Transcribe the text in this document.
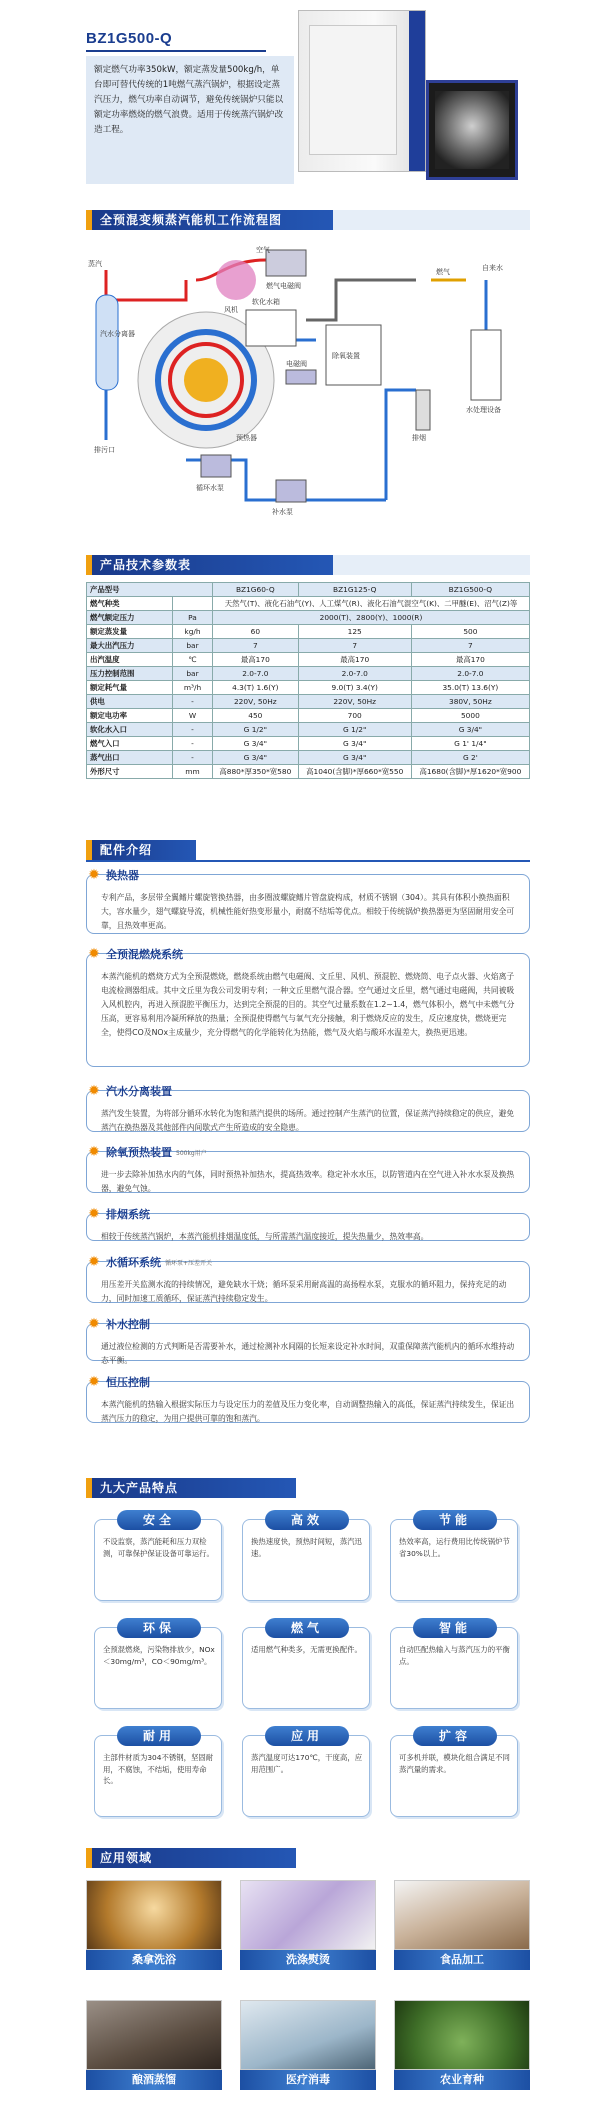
BZ1G500-Q
额定燃气功率350kW，额定蒸发量500kg/h，单台即可替代传统的1吨燃气蒸汽锅炉，根据设定蒸汽压力，燃气功率自动调节，避免传统锅炉只能以额定功率燃烧的燃气浪费。适用于传统蒸汽锅炉改造工程。
全预混变频蒸汽能机工作流程图
蒸汽
汽水分离器
排污口
空气
风机
燃气电磁阀
燃气	自来水
软化水箱
除氧装置
水处理设备
循环水泵
电磁阀
预热器
补水泵
排烟
产品技术参数表
产品型号		BZ1G60-Q	BZ1G125-Q	BZ1G500-Q
燃气种类		天然气(T)、液化石油气(Y)、人工煤气(R)、液化石油气混空气(K)、二甲醚(E)、沼气(Z)等		
燃气额定压力	Pa	2000(T)、2800(Y)、1000(R)		
额定蒸发量	kg/h	60	125	500
最大出汽压力	bar	7	7	7
出汽温度	℃	最高170	最高170	最高170
压力控制范围	bar	2.0-7.0	2.0-7.0	2.0-7.0
额定耗气量	m³/h	4.3(T) 1.6(Y)	9.0(T) 3.4(Y)	35.0(T) 13.6(Y)
供电	-	220V, 50Hz	220V, 50Hz	380V, 50Hz
额定电功率	W	450	700	5000
软化水入口	-	G 1/2"	G 1/2"	G 3/4"
燃气入口	-	G 3/4"	G 3/4"	G 1' 1/4"
蒸气出口	-	G 3/4"	G 3/4"	G 2'
外形尺寸	mm	高880*厚350*宽580	高1040(含脚)*厚660*宽550	高1680(含脚)*厚1620*宽900
配件介绍
专利产品，多层带全翼鳍片螺旋管换热器，由多圈波螺旋鳍片管盘旋构成，材质不锈钢（304）。其具有体积小换热面积大，容水量少，翅气螺旋导流，机械性能好热变形量小，耐腐不结垢等优点。相较于传统锅炉换热器更为坚固耐用安全可靠，且热效率更高。
✹ 换热器
本蒸汽能机的燃烧方式为全预混燃烧，燃烧系统由燃气电磁阀、文丘里、风机、预混腔、燃烧筒、电子点火器、火焰离子电流检测器组成。其中文丘里为我公司发明专利；一种文丘里燃气混合器。空气通过文丘里，燃气通过电磁阀，共同被吸入风机腔内，再进入预混腔平衡压力，达到完全预混的目的。其空气过量系数在1.2~1.4，燃气体积小，燃气中未燃气分压高，更容易利用冷凝所释放的热量；全预混使得燃气与氧气充分接触，利于燃烧反应的发生，反应速度快，燃烧更完全，使得CO及NOx主成量少，充分得燃气的化学能转化为热能，燃气及火焰与酸环水温差大，换热更迅速。
✹ 全预混燃烧系统
蒸汽发生装置，为将部分循环水转化为饱和蒸汽提供的场所。通过控制产生蒸汽的位置，保证蒸汽持续稳定的供应，避免蒸汽在换热器及其他部件内间歇式产生所造成的安全隐患。
✹ 汽水分离装置
进一步去除补加热水内的气体，同时预热补加热水，提高热效率。稳定补水水压，以防管道内在空气进入补水水泵及换热器，避免气蚀。
✹ 除氧预热装置 500kg用户
相较于传统蒸汽锅炉，本蒸汽能机排烟温度低，与所需蒸汽温度接近，提失热量少，热效率高。
✹ 排烟系统
用压差开关监测水流的持续情况，避免缺水干烧；循环泵采用耐高温的高扬程水泵，克服水的循环阻力，保持充足的动力，同时加速工质循环，保证蒸汽持续稳定发生。
✹ 水循环系统 循环泵+压差开关
通过液位检测的方式判断是否需要补水，通过检测补水间隔的长短来设定补水时间，双重保障蒸汽能机内的循环水维持动态平衡。
✹ 补水控制
本蒸汽能机的热输入根据实际压力与设定压力的差值及压力变化率，自动调整热输入的高低，保证蒸汽持续发生，保证出蒸汽压力的稳定，为用户提供可靠的饱和蒸汽。
✹ 恒压控制
九大产品特点
安全
不设监察，蒸汽能耗和压力双检测，可靠保护保证设备可靠运行。
高效
换热速度快，预热时间短，蒸汽迅速。
节能
热效率高，运行费用比传统锅炉节省30%以上。
环保
全预混燃烧，污染物排放少，NOx＜30mg/m³，CO＜90mg/m³。
燃气
适用燃气种类多，无需更换配件。
智能
自动匹配热输入与蒸汽压力的平衡点。
耐用
主部件材质为304不锈钢，坚固耐用，不腐蚀，不结垢，使用寿命长。
应用
蒸汽温度可达170℃，干度高，应用范围广。
扩容
可多机并联，模块化组合满足不同蒸汽量的需求。
应用领域
桑拿洗浴	洗涤熨烫	食品加工
酿酒蒸馏	医疗消毒	农业育种
